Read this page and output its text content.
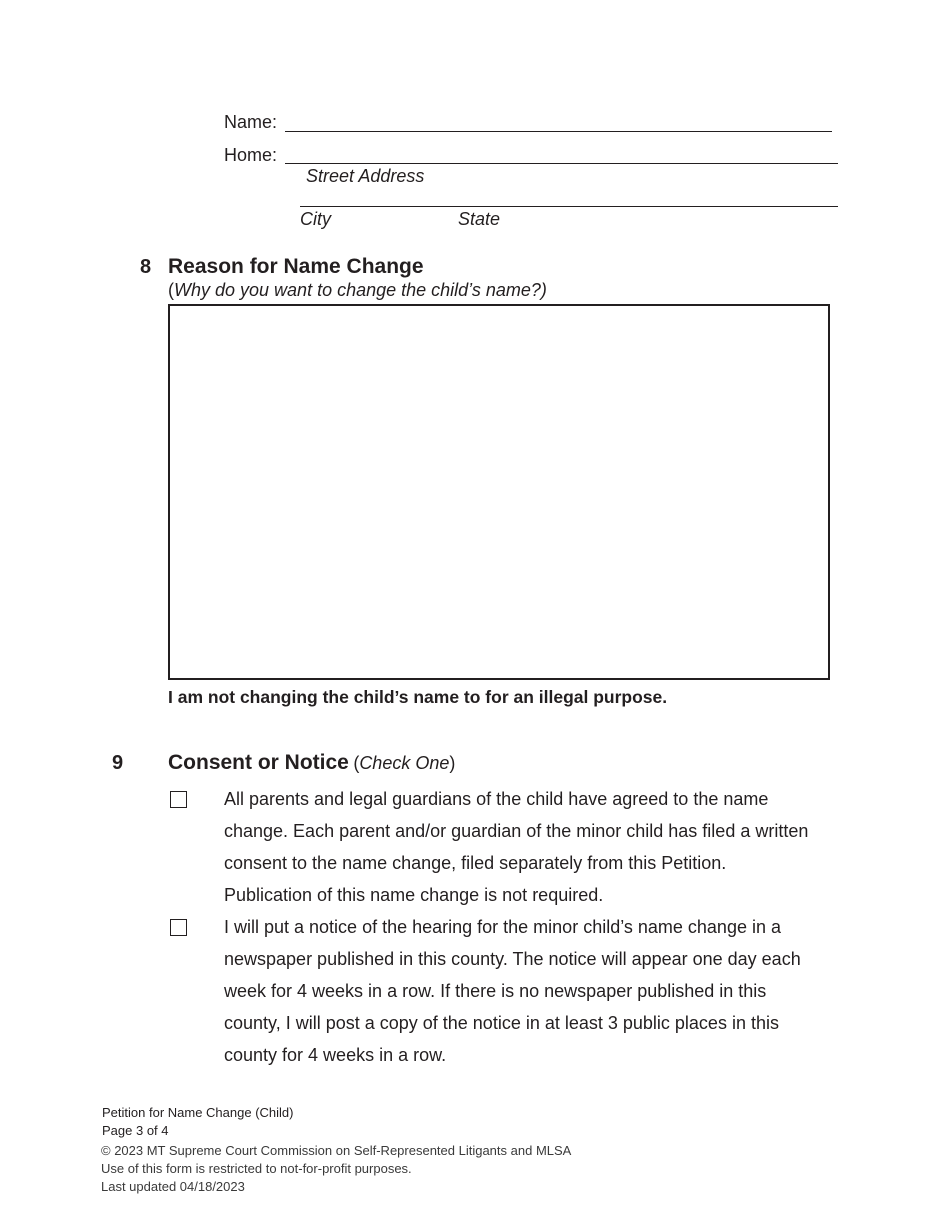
Name:
Home:
Street Address
City	State
8 Reason for Name Change
(Why do you want to change the child’s name?)
I am not changing the child’s name to for an illegal purpose.
9 Consent or Notice (Check One)
All parents and legal guardians of the child have agreed to the name
change. Each parent and/or guardian of the minor child has filed a written
consent to the name change, filed separately from this Petition.
Publication of this name change is not required.
I will put a notice of the hearing for the minor child’s name change in a
newspaper published in this county. The notice will appear one day each
week for 4 weeks in a row. If there is no newspaper published in this
county, I will post a copy of the notice in at least 3 public places in this
county for 4 weeks in a row.
Petition for Name Change (Child)
Page 3 of 4
© 2023 MT Supreme Court Commission on Self-Represented Litigants and MLSA
Use of this form is restricted to not-for-profit purposes.
Last updated 04/18/2023
